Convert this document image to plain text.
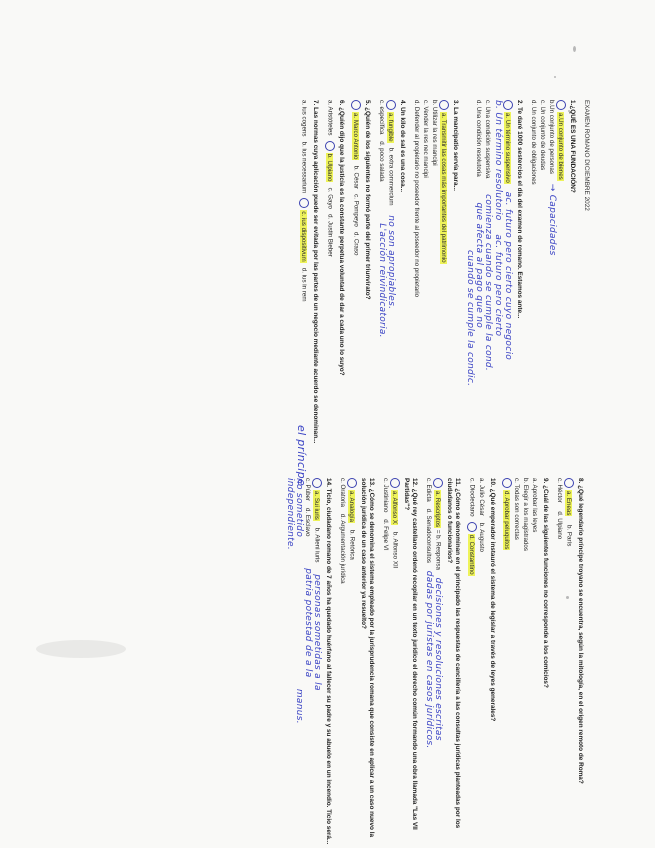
EXAMEN ROMANO DICIEMBRE 2022
1.¿QUÉ ES UNA FUNDACIÓN?
a.Un conjunto de bienes
b.Un conjunto de personas → Capacidades
c. Un conjunto de deudas
d. Un conjunto de obligaciones
2. Te daré 1000 sestercios el día del examen de romano. Estamos ante...
a. Un término suspensivo ac. futuro pero cierto cuyo negocio
b. Un término resolutorio ac. futuro pero cierto
c. Una condición suspensiva comienza cuando se cumple la cond.
d. Una condición resolutoria que afecta al pago que no
cuando se cumple la condic.
3. La mancipatio servía para...
a. Transmitir las cosas más importantes del patrimonio
b. Utilizar la res mancipi
c. Vender la res nec mancipi
d. Defender al propietario no poseedor frente al poseedor no propietario
4. Un kilo de sal es una cosa...
a. fungible   b. extra commercium no son apropiables.
c. específica    d. poco salada L'acción reivindicatoria.
5. ¿Quién de los siguientes no formó parte del primer triunvirato?
a. Marco Antonio   b. César   c. Pompeyo   d. Craso
6. ¿Quién dijo que la justicia es la constante perpetua voluntad de dar a cada uno lo suyo?
a. Aristóteles   b. Ulpiano   c. Gayo   d. Justin Bieber
7. Las normas cuya aplicación puede ser evitada por las partes de un negocio mediante acuerdo se denominan...
a. ius cogens   b. ius necessarium   c. ius dispositivum   d. ius in rem
8. ¿Qué legendario príncipe troyano se encuentra, según la mitología, en el origen remoto de Roma?
a. Eneas     b. París
c. Héctor     d. Ulpiano
9. ¿Cuál de las siguientes funciones no corresponde a los comicios?
a. Aprobar las leyes
b. Elegir a los magistrados
c. Todas son correctas
d. Aprobar peluquitos
10. ¿Qué emperador instauró el sistema de legislar a través de leyes generales?
a. Julio César    b. Augusto
c. Diocleciano   d. Constantino
11. ¿Cómo se denominan en el principado las respuestas de cancillería a las consultas jurídicas planteadas por los ciudadanos o funcionarios?
a. Rescriptos = b. Responsa decisiones y resoluciones escritas
c. Edicta    d. Senadoconsultos dadas por juristas en casos jurídicos.
12. ¿Qué rey castellano ordenó recopilar en un texto jurídico el derecho común formando una obra llamada "Las VII Partidas"?
a. Alfonso X    b. Alfonso XII
c. Justiniano    d. Felipe VI
13. ¿Cómo se denomina el sistema empleado por la jurisprudencia romana que consiste en aplicar a un caso nuevo la solución jurídica de un caso anterior ya resuelto?
a. Analogía    b. Retórica
c. Oratoria    d. Argumentación jurídica
14. Ticio, ciudadano romano de 7 años ha quedado huérfano al fallecer su padre y su abuelo en un incendio. Ticio será...
a. Sui iuris    b. Alieni iuris personas sometidas a la
c. Púber    d. Esclavo patria potestad de a la
no sometido manus.
independiente.
el príncipe
